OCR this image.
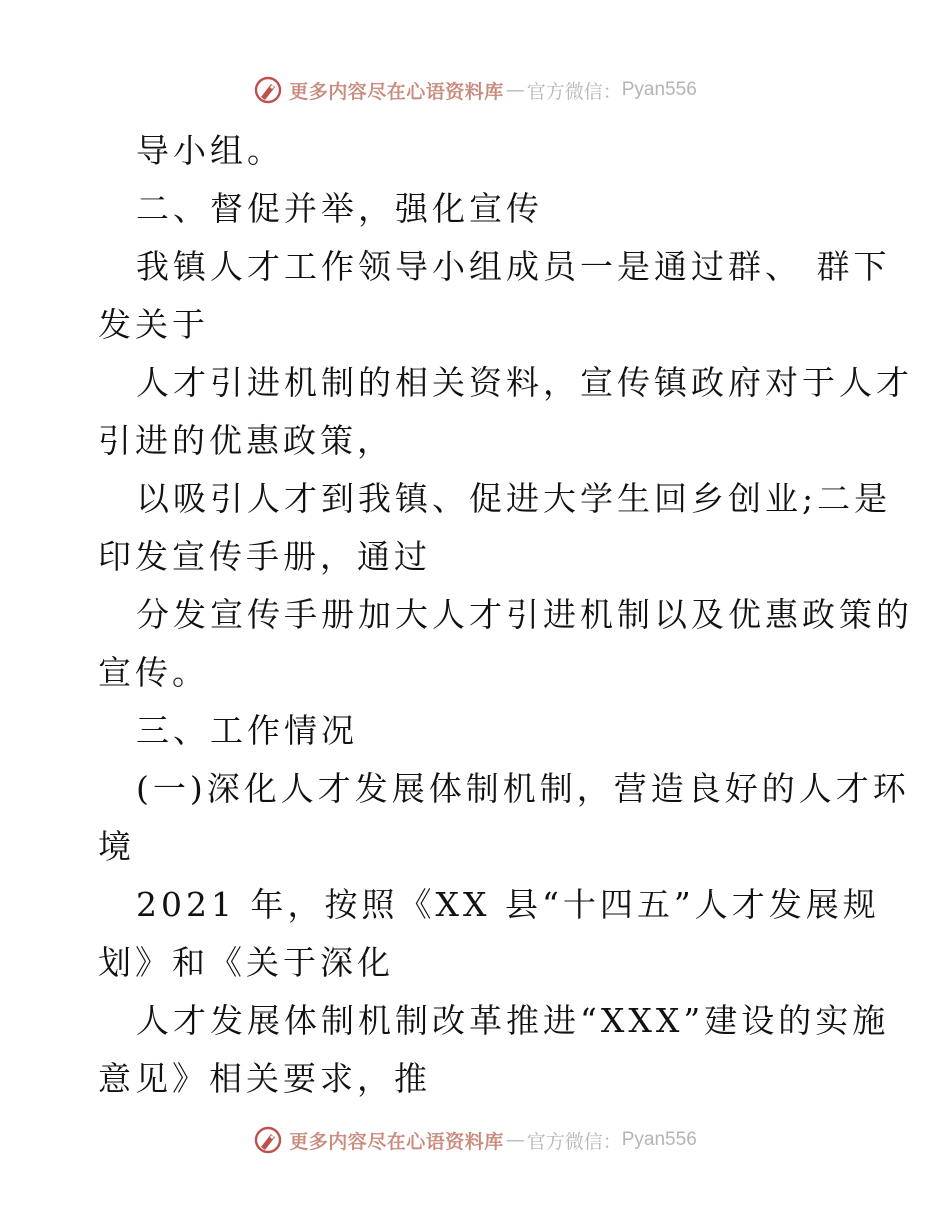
更多内容尽在心语资料库 — 官方微信： Pyan556
导小组。
二、督促并举，强化宣传
我镇人才工作领导小组成员一是通过群、 群下
发关于
人才引进机制的相关资料，宣传镇政府对于人才
引进的优惠政策，
以吸引人才到我镇、促进大学生回乡创业;二是
印发宣传手册，通过
分发宣传手册加大人才引进机制以及优惠政策的
宣传。
三、工作情况
(一)深化人才发展体制机制，营造良好的人才环
境
2021 年，按照《XX 县“十四五”人才发展规
划》和《关于深化
人才发展体制机制改革推进“XXX”建设的实施
意见》相关要求，推
更多内容尽在心语资料库 — 官方微信： Pyan556
